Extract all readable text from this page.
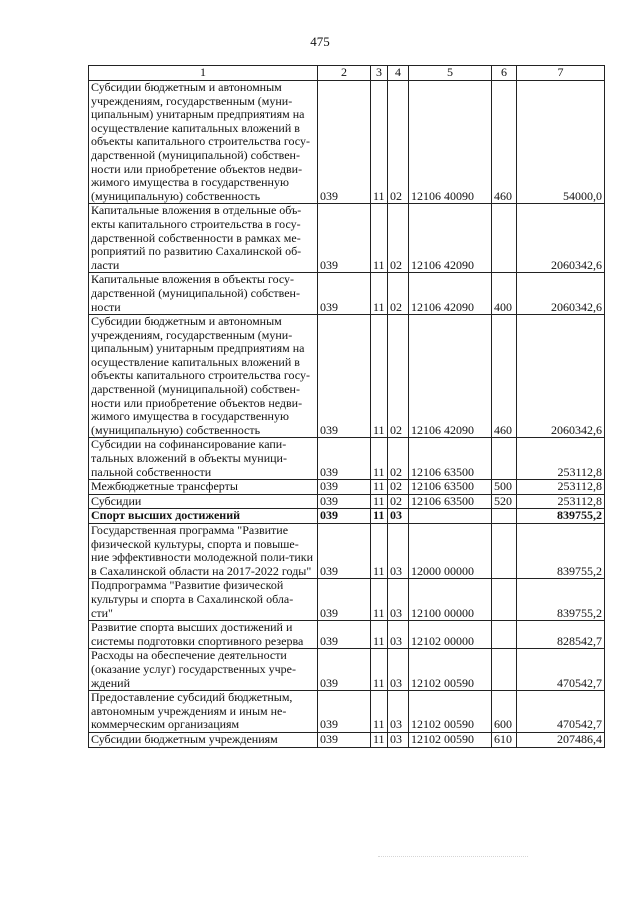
475
1	2	3	4	5	6	7
Субсидии бюджетным и автономным учреждениям, государственным (муни-ципальным) унитарным предприятиям на осуществление капитальных вложений в объекты капитального строительства госу-дарственной (муниципальной) собствен-ности или приобретение объектов недви-жимого имущества в государственную (муниципальную) собственность	039	11	02	12106 40090	460	54000,0
Капитальные вложения в отдельные объ-екты капитального строительства в госу-дарственной собственности в рамках ме-роприятий по развитию Сахалинской об-ласти	039	11	02	12106 42090		2060342,6
Капитальные вложения в объекты госу-дарственной (муниципальной) собствен-ности	039	11	02	12106 42090	400	2060342,6
Субсидии бюджетным и автономным учреждениям, государственным (муни-ципальным) унитарным предприятиям на осуществление капитальных вложений в объекты капитального строительства госу-дарственной (муниципальной) собствен-ности или приобретение объектов недви-жимого имущества в государственную (муниципальную) собственность	039	11	02	12106 42090	460	2060342,6
Субсидии на софинансирование капи-тальных вложений в объекты муници-пальной собственности	039	11	02	12106 63500		253112,8
Межбюджетные трансферты	039	11	02	12106 63500	500	253112,8
Субсидии	039	11	02	12106 63500	520	253112,8
Спорт высших достижений	039	11	03			839755,2
Государственная программа "Развитие физической культуры, спорта и повыше-ние эффективности молодежной поли-тики в Сахалинской области на 2017-2022 годы"	039	11	03	12000 00000		839755,2
Подпрограмма "Развитие физической культуры и спорта в Сахалинской обла-сти"	039	11	03	12100 00000		839755,2
Развитие спорта высших достижений и системы подготовки спортивного резерва	039	11	03	12102 00000		828542,7
Расходы на обеспечение деятельности (оказание услуг) государственных учре-ждений	039	11	03	12102 00590		470542,7
Предоставление субсидий бюджетным, автономным учреждениям и иным не-коммерческим организациям	039	11	03	12102 00590	600	470542,7
Субсидии бюджетным учреждениям	039	11	03	12102 00590	610	207486,4
